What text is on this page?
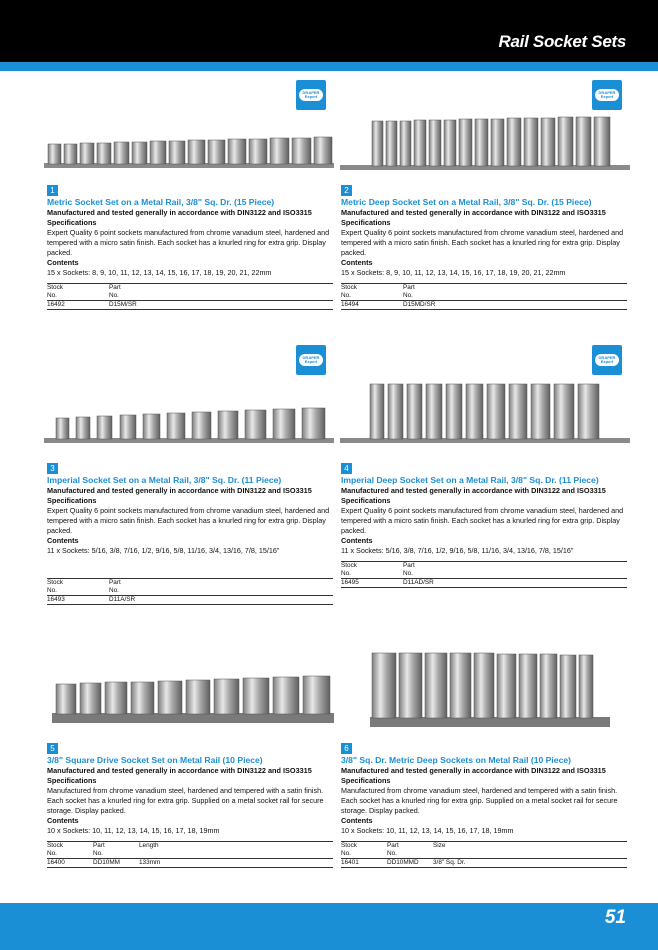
Rail Socket Sets
51
DRAPER Expert
DRAPER Expert
DRAPER Expert
DRAPER Expert
1
Metric Socket Set on a Metal Rail, 3/8" Sq. Dr. (15 Piece)
Manufactured and tested generally in accordance with DIN3122 and ISO3315 Specifications
Expert Quality 6 point sockets manufactured from chrome vanadium steel, hardened and tempered with a micro satin finish. Each socket has a knurled ring for extra grip. Display packed.
Contents
15 x Sockets: 8, 9, 10, 11, 12, 13, 14, 15, 16, 17, 18, 19, 20, 21, 22mm
Stock	Part	
No.	No.	
16492	D15M/SR	
2
Metric Deep Socket Set on a Metal Rail, 3/8" Sq. Dr. (15 Piece)
Manufactured and tested generally in accordance with DIN3122 and ISO3315 Specifications
Expert Quality 6 point sockets manufactured from chrome vanadium steel, hardened and tempered with a micro satin finish. Each socket has a knurled ring for extra grip. Display packed.
Contents
15 x Sockets: 8, 9, 10, 11, 12, 13, 14, 15, 16, 17, 18, 19, 20, 21, 22mm
Stock	Part	
No.	No.	
16494	D15MD/SR	
3
Imperial Socket Set on a Metal Rail, 3/8" Sq. Dr. (11 Piece)
Manufactured and tested generally in accordance with DIN3122 and ISO3315 Specifications
Expert Quality 6 point sockets manufactured from chrome vanadium steel, hardened and tempered with a micro satin finish. Each socket has a knurled ring for extra grip. Display packed.
Contents
11 x Sockets: 5/16, 3/8, 7/16, 1/2, 9/16, 5/8, 11/16, 3/4, 13/16, 7/8, 15/16"
Stock	Part	
No.	No.	
16493	D11A/SR	
4
Imperial Deep Socket Set on a Metal Rail, 3/8" Sq. Dr. (11 Piece)
Manufactured and tested generally in accordance with DIN3122 and ISO3315 Specifications
Expert Quality 6 point sockets manufactured from chrome vanadium steel, hardened and tempered with a micro satin finish. Each socket has a knurled ring for extra grip. Display packed.
Contents
11 x Sockets: 5/16, 3/8, 7/16, 1/2, 9/16, 5/8, 11/16, 3/4, 13/16, 7/8, 15/16"
Stock	Part	
No.	No.	
16495	D11AD/SR	
5
3/8" Square Drive Socket Set on Metal Rail (10 Piece)
Manufactured and tested generally in accordance with DIN3122 and ISO3315 Specifications
Manufactured from chrome vanadium steel, hardened and tempered with a satin finish. Each socket has a knurled ring for extra grip. Supplied on a metal socket rail for secure storage. Display packed.
Contents
10 x Sockets: 10, 11, 12, 13, 14, 15, 16, 17, 18, 19mm
Stock	Part	Length
No.	No.	
16400	DD10MM	133mm
6
3/8" Sq. Dr. Metric Deep Sockets on Metal Rail (10 Piece)
Manufactured and tested generally in accordance with DIN3122 and ISO3315 Specifications
Manufactured from chrome vanadium steel, hardened and tempered with a satin finish. Each socket has a knurled ring for extra grip. Supplied on a metal socket rail for secure storage. Display packed.
Contents
10 x Sockets: 10, 11, 12, 13, 14, 15, 16, 17, 18, 19mm
Stock	Part	Size
No.	No.	
16401	DD10MMD	3/8" Sq. Dr.
